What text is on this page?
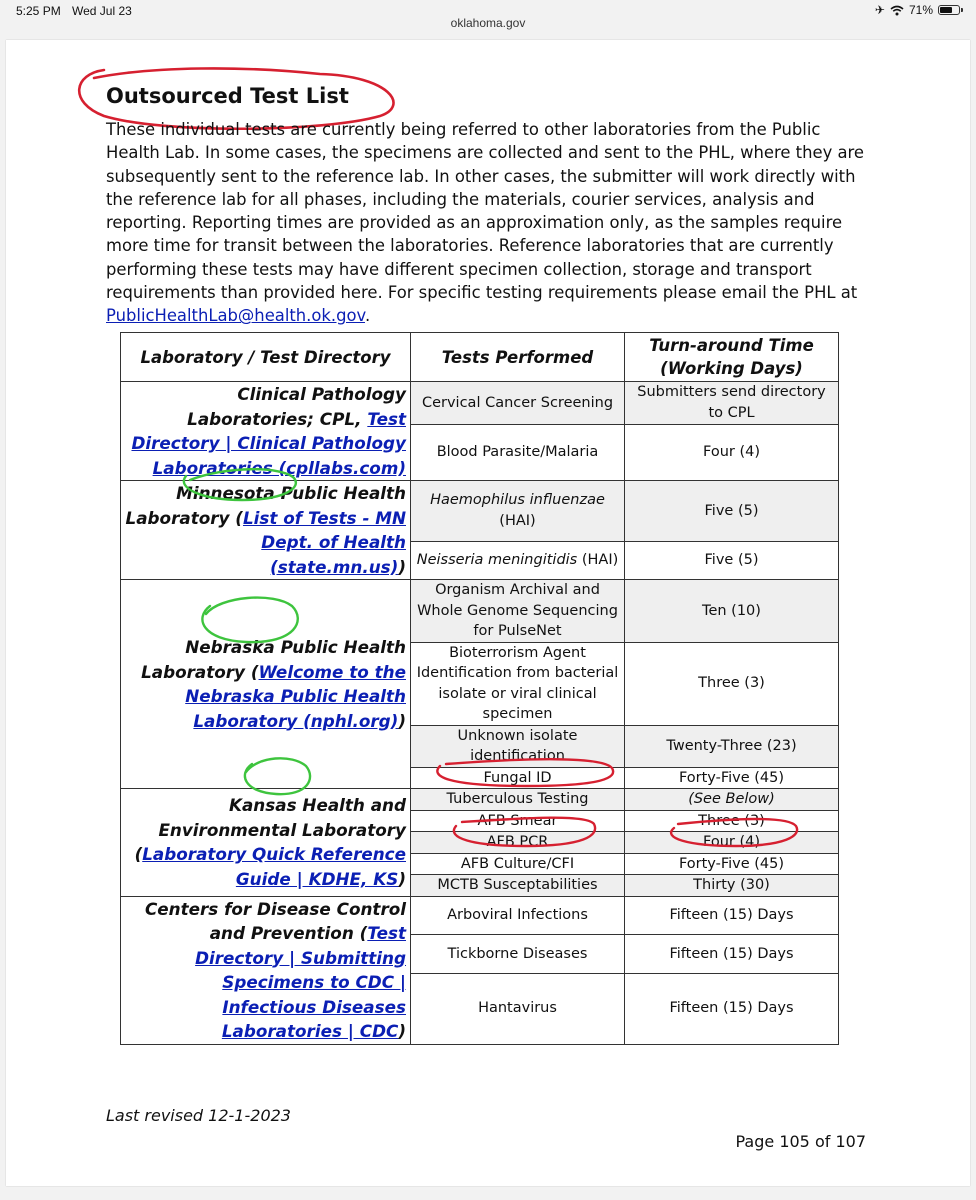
5:25 PM Wed Jul 23	✈ 71%
oklahoma.gov
Outsourced Test List
These individual tests are currently being referred to other laboratories from the Public Health Lab. In some cases, the specimens are collected and sent to the PHL, where they are subsequently sent to the reference lab. In other cases, the submitter will work directly with the reference lab for all phases, including the materials, courier services, analysis and reporting. Reporting times are provided as an approximation only, as the samples require more time for transit between the laboratories. Reference laboratories that are currently performing these tests may have different specimen collection, storage and transport requirements than provided here. For specific testing requirements please email the PHL at PublicHealthLab@health.ok.gov.
Laboratory / Test Directory	Tests Performed	Turn-around Time (Working Days)
Clinical Pathology Laboratories; CPL, Test Directory | Clinical Pathology Laboratories (cpllabs.com)	Cervical Cancer Screening	Submitters send directory to CPL
	Blood Parasite/Malaria	Four (4)
Minnesota Public Health Laboratory (List of Tests - MN Dept. of Health (state.mn.us))	Haemophilus influenzae (HAI)	Five (5)
	Neisseria meningitidis (HAI)	Five (5)
Nebraska Public Health Laboratory (Welcome to the Nebraska Public Health Laboratory (nphl.org))	Organism Archival and Whole Genome Sequencing for PulseNet	Ten (10)
	Bioterrorism Agent Identification from bacterial isolate or viral clinical specimen	Three (3)
	Unknown isolate identification	Twenty-Three (23)
	Fungal ID	Forty-Five (45)
Kansas Health and Environmental Laboratory (Laboratory Quick Reference Guide | KDHE, KS)	Tuberculous Testing	(See Below)
	AFB Smear	Three (3)
	AFB PCR	Four (4)
	AFB Culture/CFI	Forty-Five (45)
	MCTB Susceptabilities	Thirty (30)
Centers for Disease Control and Prevention (Test Directory | Submitting Specimens to CDC | Infectious Diseases Laboratories | CDC)	Arboviral Infections	Fifteen (15) Days
	Tickborne Diseases	Fifteen (15) Days
	Hantavirus	Fifteen (15) Days
Last revised 12-1-2023
Page 105 of 107
